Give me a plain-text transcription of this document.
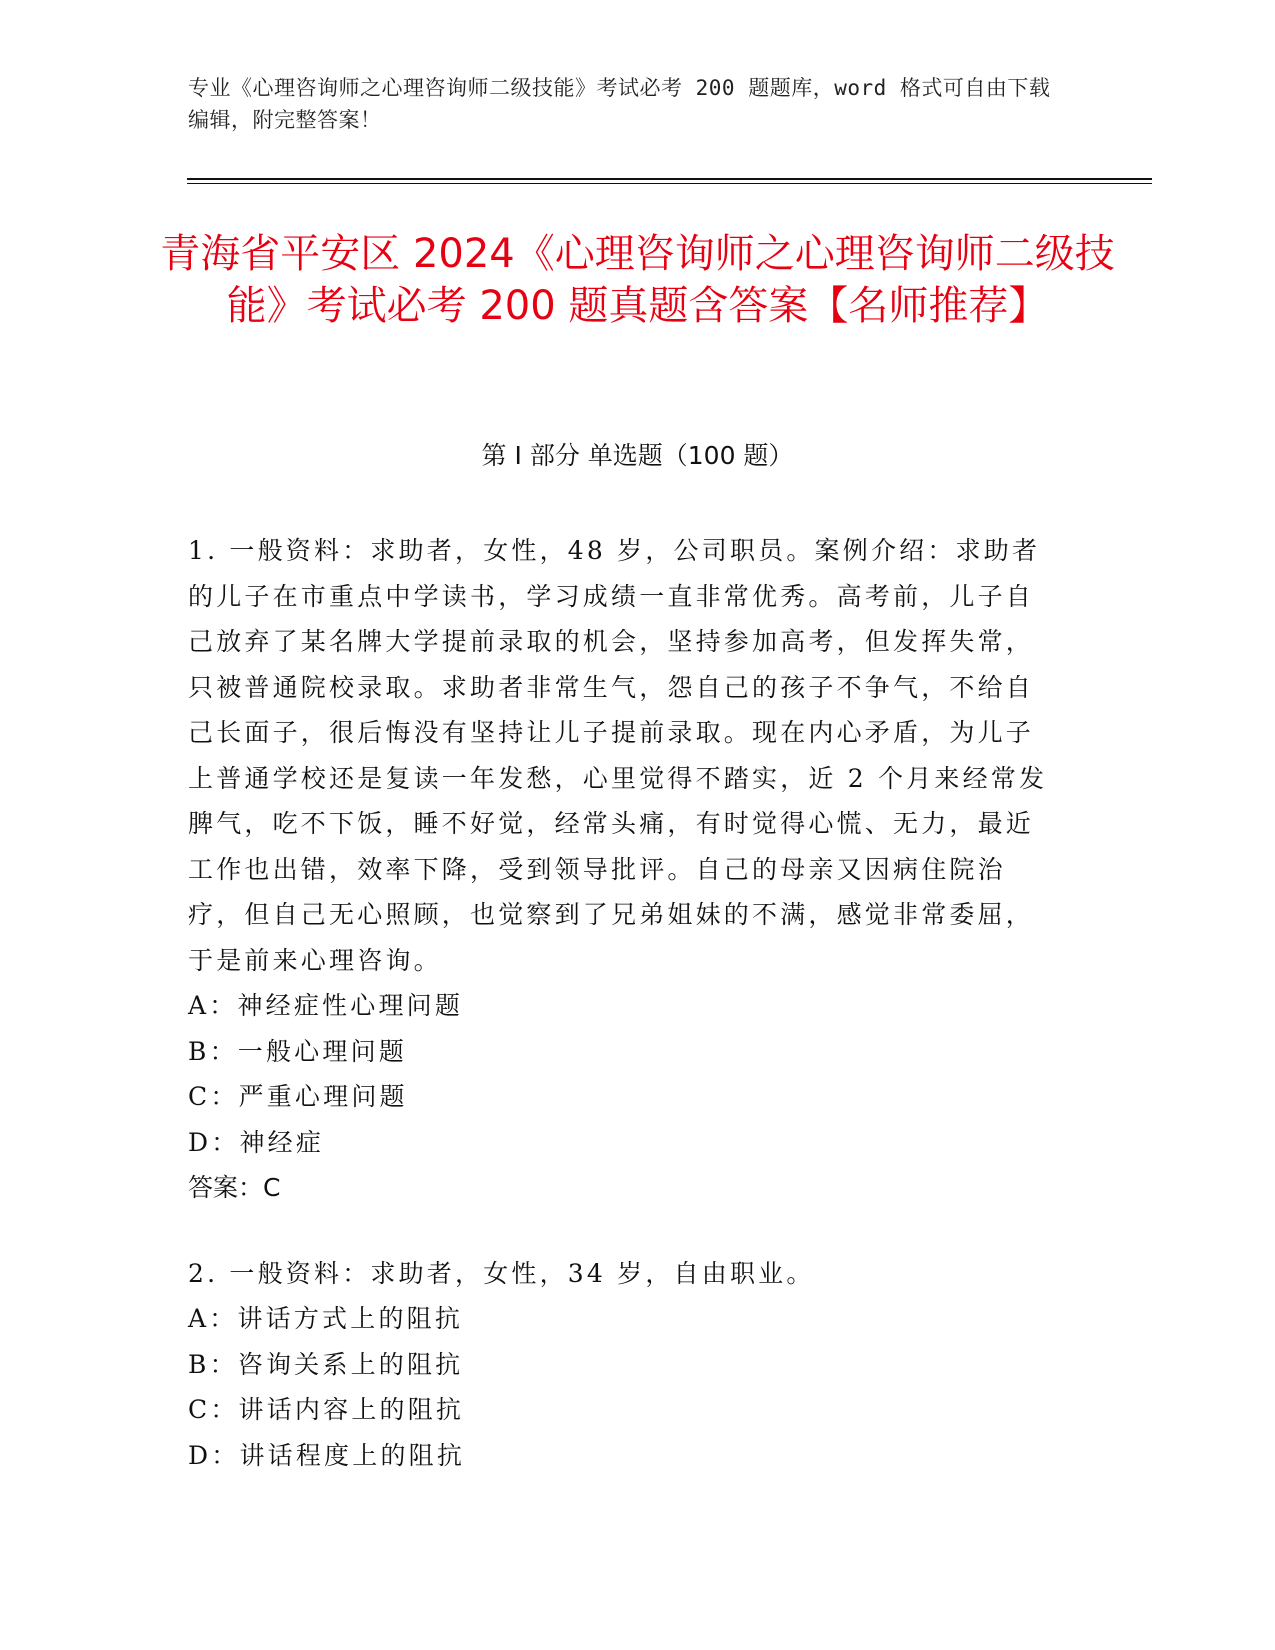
专业《心理咨询师之心理咨询师二级技能》考试必考 200 题题库，word 格式可自由下载编辑，附完整答案！
青海省平安区 2024《心理咨询师之心理咨询师二级技能》考试必考 200 题真题含答案【名师推荐】
第 I 部分 单选题（100 题）

1. 一般资料：求助者，女性，48 岁，公司职员。案例介绍：求助者的儿子在市重点中学读书，学习成绩一直非常优秀。高考前，儿子自己放弃了某名牌大学提前录取的机会，坚持参加高考，但发挥失常，只被普通院校录取。求助者非常生气，怨自己的孩子不争气，不给自己长面子，很后悔没有坚持让儿子提前录取。现在内心矛盾，为儿子上普通学校还是复读一年发愁，心里觉得不踏实，近 2 个月来经常发脾气，吃不下饭，睡不好觉，经常头痛，有时觉得心慌、无力，最近工作也出错，效率下降，受到领导批评。自己的母亲又因病住院治疗，但自己无心照顾，也觉察到了兄弟姐妹的不满，感觉非常委屈，于是前来心理咨询。

A：神经症性心理问题

B：一般心理问题

C：严重心理问题

D：神经症

答案：C

2. 一般资料：求助者，女性，34 岁，自由职业。

A：讲话方式上的阻抗

B：咨询关系上的阻抗

C：讲话内容上的阻抗

D：讲话程度上的阻抗
